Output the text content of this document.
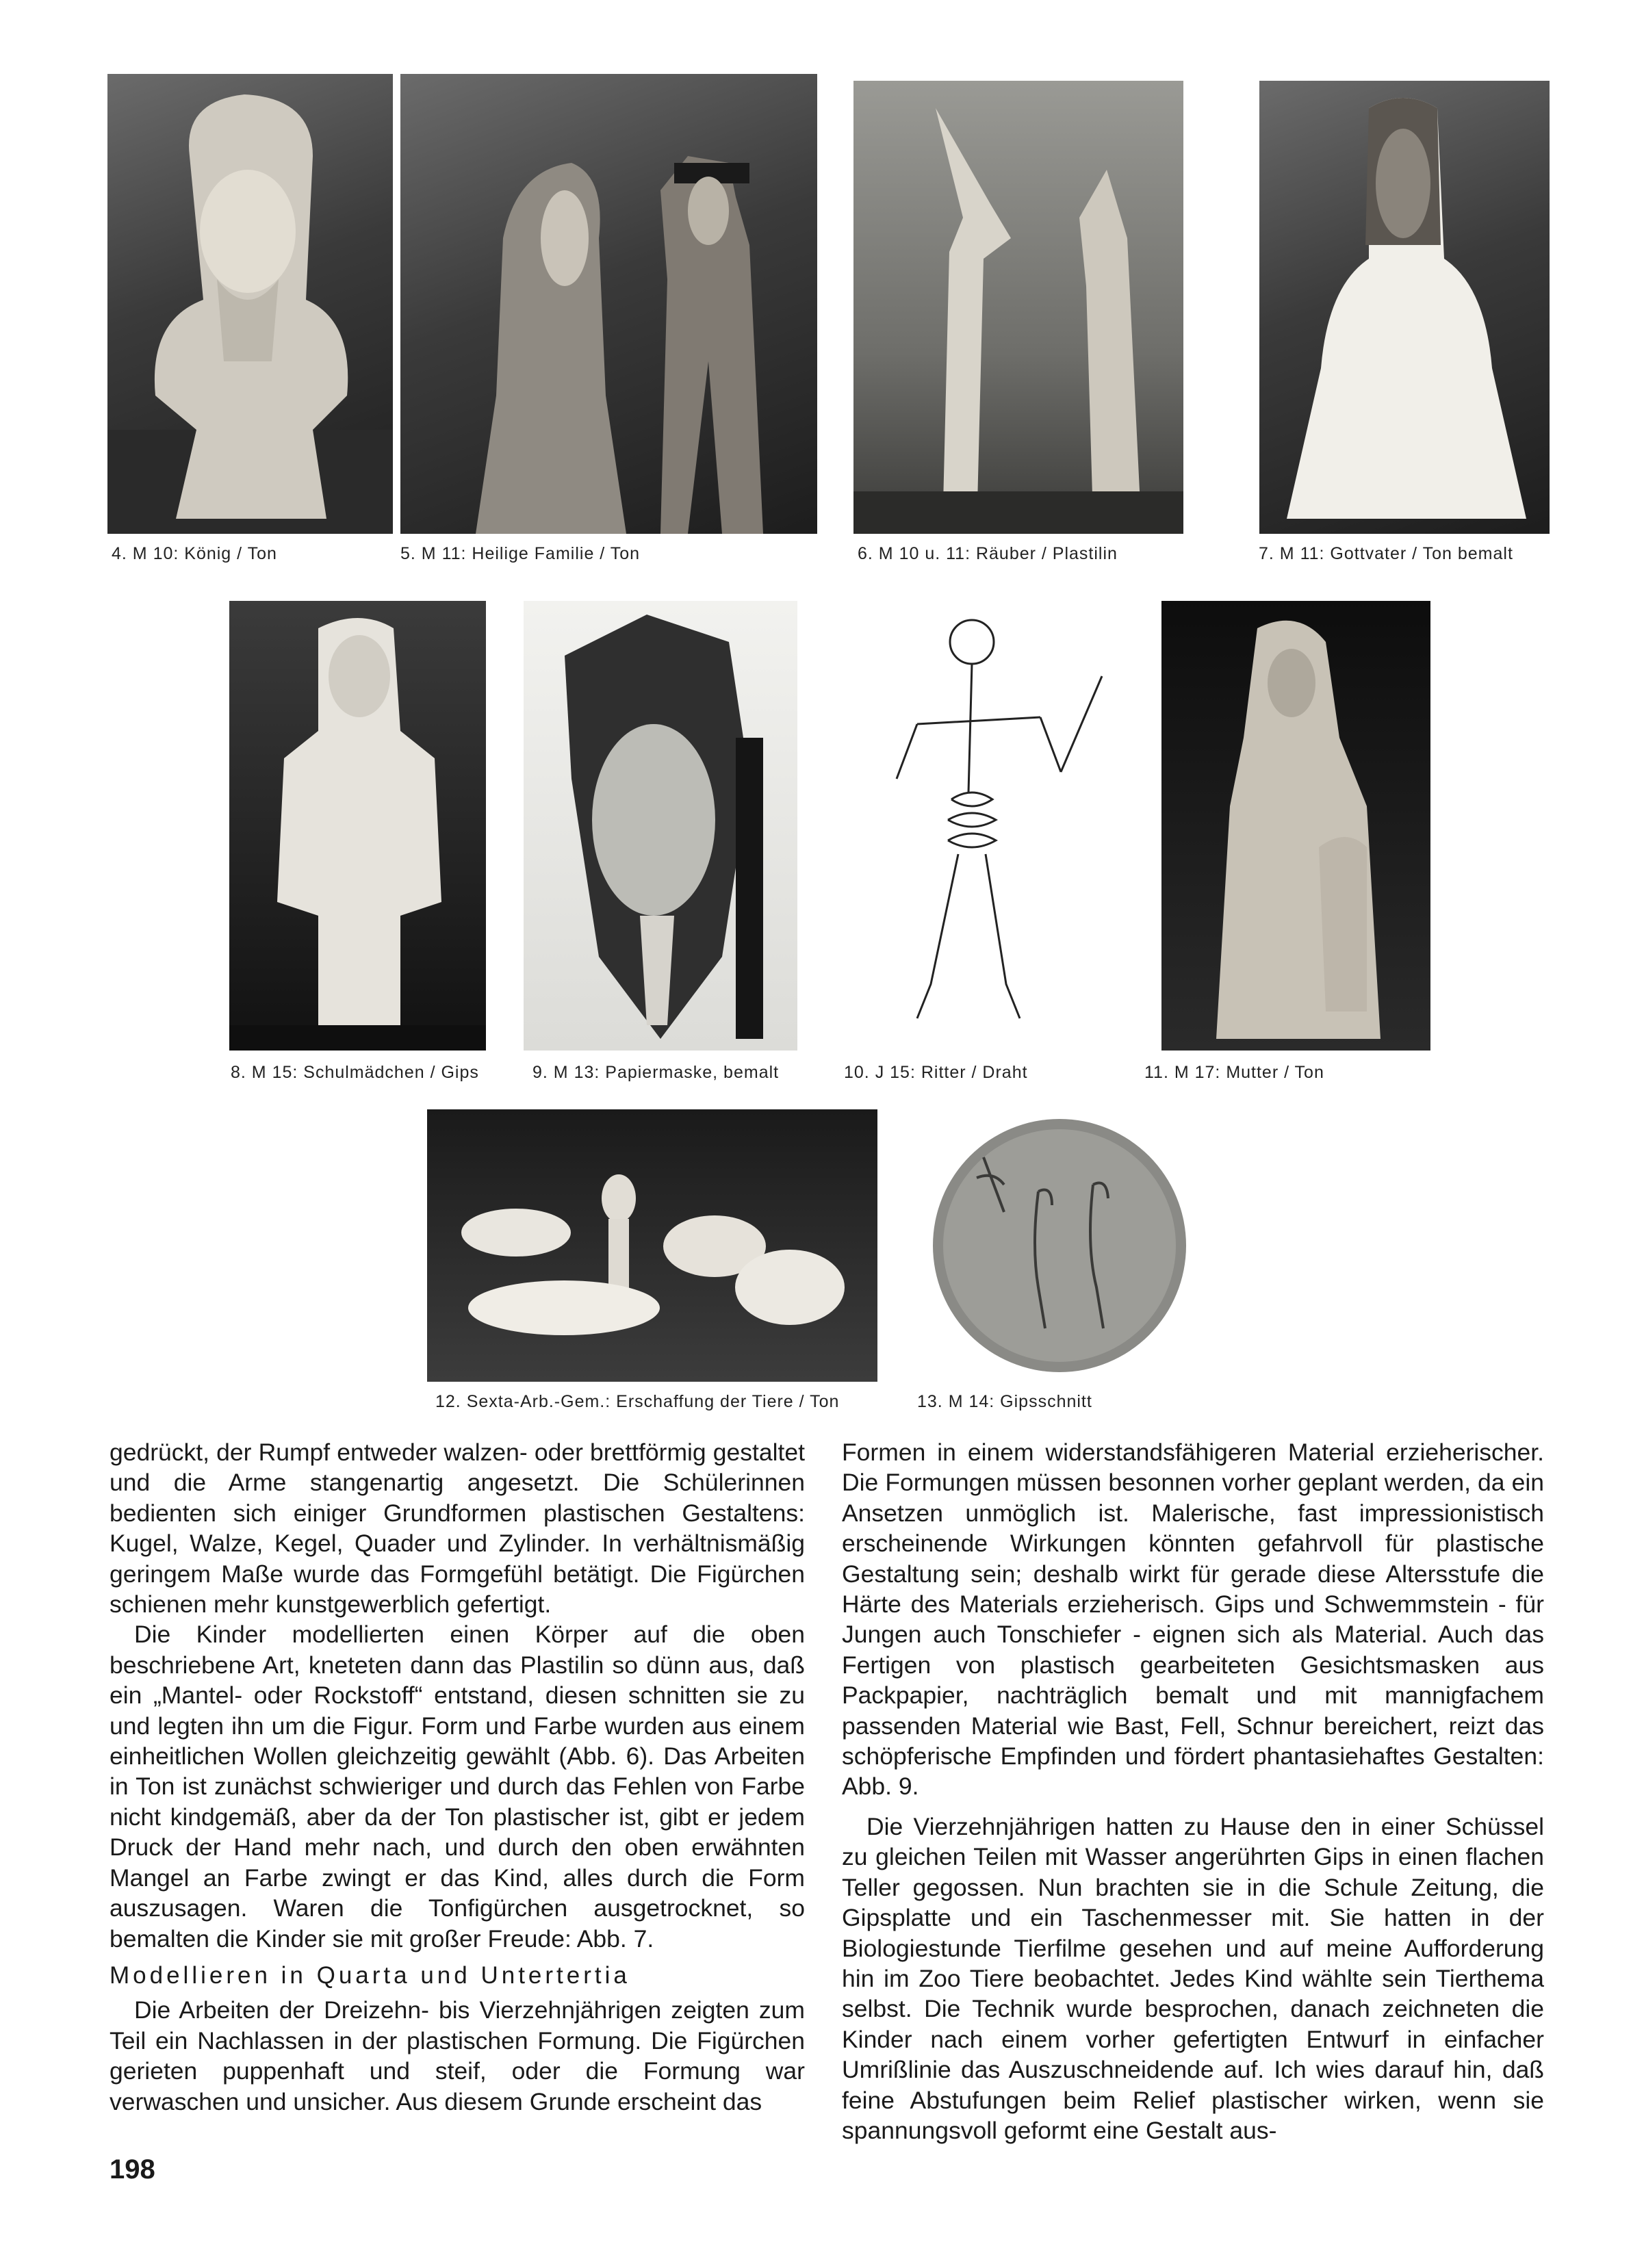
4. M 10: König / Ton	5. M 11: Heilige Familie / Ton	6. M 10 u. 11: Räuber / Plastilin	7. M 11: Gottvater / Ton bemalt
8. M 15: Schulmädchen / Gips	9. M 13: Papiermaske, bemalt	10. J 15: Ritter / Draht	11. M 17: Mutter / Ton
12. Sexta-Arb.-Gem.: Erschaffung der Tiere / Ton	13. M 14: Gipsschnitt

gedrückt, der Rumpf entweder walzen- oder brettförmig gestaltet und die Arme stangenartig angesetzt. Die Schülerinnen bedienten sich einiger Grundformen plastischen Gestaltens: Kugel, Walze, Kegel, Quader und Zylinder. In verhältnismäßig geringem Maße wurde das Formgefühl betätigt. Die Figürchen schienen mehr kunstgewerblich gefertigt.

Die Kinder modellierten einen Körper auf die oben beschriebene Art, kneteten dann das Plastilin so dünn aus, daß ein „Mantel- oder Rockstoff“ entstand, diesen schnitten sie zu und legten ihn um die Figur. Form und Farbe wurden aus einem einheitlichen Wollen gleichzeitig gewählt (Abb. 6). Das Arbeiten in Ton ist zunächst schwieriger und durch das Fehlen von Farbe nicht kindgemäß, aber da der Ton plastischer ist, gibt er jedem Druck der Hand mehr nach, und durch den oben erwähnten Mangel an Farbe zwingt er das Kind, alles durch die Form auszusagen. Waren die Tonfigürchen ausgetrocknet, so bemalten die Kinder sie mit großer Freude: Abb. 7.

Modellieren in Quarta und Untertertia

Die Arbeiten der Dreizehn- bis Vierzehnjährigen zeigten zum Teil ein Nachlassen in der plastischen Formung. Die Figürchen gerieten puppenhaft und steif, oder die Formung war verwaschen und unsicher. Aus diesem Grunde erscheint das

Formen in einem widerstandsfähigeren Material erzieherischer. Die Formungen müssen besonnen vorher geplant werden, da ein Ansetzen unmöglich ist. Malerische, fast impressionistisch erscheinende Wirkungen könnten gefahrvoll für plastische Gestaltung sein; deshalb wirkt für gerade diese Altersstufe die Härte des Materials erzieherisch. Gips und Schwemmstein - für Jungen auch Tonschiefer - eignen sich als Material. Auch das Fertigen von plastisch gearbeiteten Gesichtsmasken aus Packpapier, nachträglich bemalt und mit mannigfachem passenden Material wie Bast, Fell, Schnur bereichert, reizt das schöpferische Empfinden und fördert phantasiehaftes Gestalten: Abb. 9.

Die Vierzehnjährigen hatten zu Hause den in einer Schüssel zu gleichen Teilen mit Wasser angerührten Gips in einen flachen Teller gegossen. Nun brachten sie in die Schule Zeitung, die Gipsplatte und ein Taschenmesser mit. Sie hatten in der Biologiestunde Tierfilme gesehen und auf meine Aufforderung hin im Zoo Tiere beobachtet. Jedes Kind wählte sein Tierthema selbst. Die Technik wurde besprochen, danach zeichneten die Kinder nach einem vorher gefertigten Entwurf in einfacher Umrißlinie das Auszuschneidende auf. Ich wies darauf hin, daß feine Abstufungen beim Relief plastischer wirken, wenn sie spannungsvoll geformt eine Gestalt aus-

198
